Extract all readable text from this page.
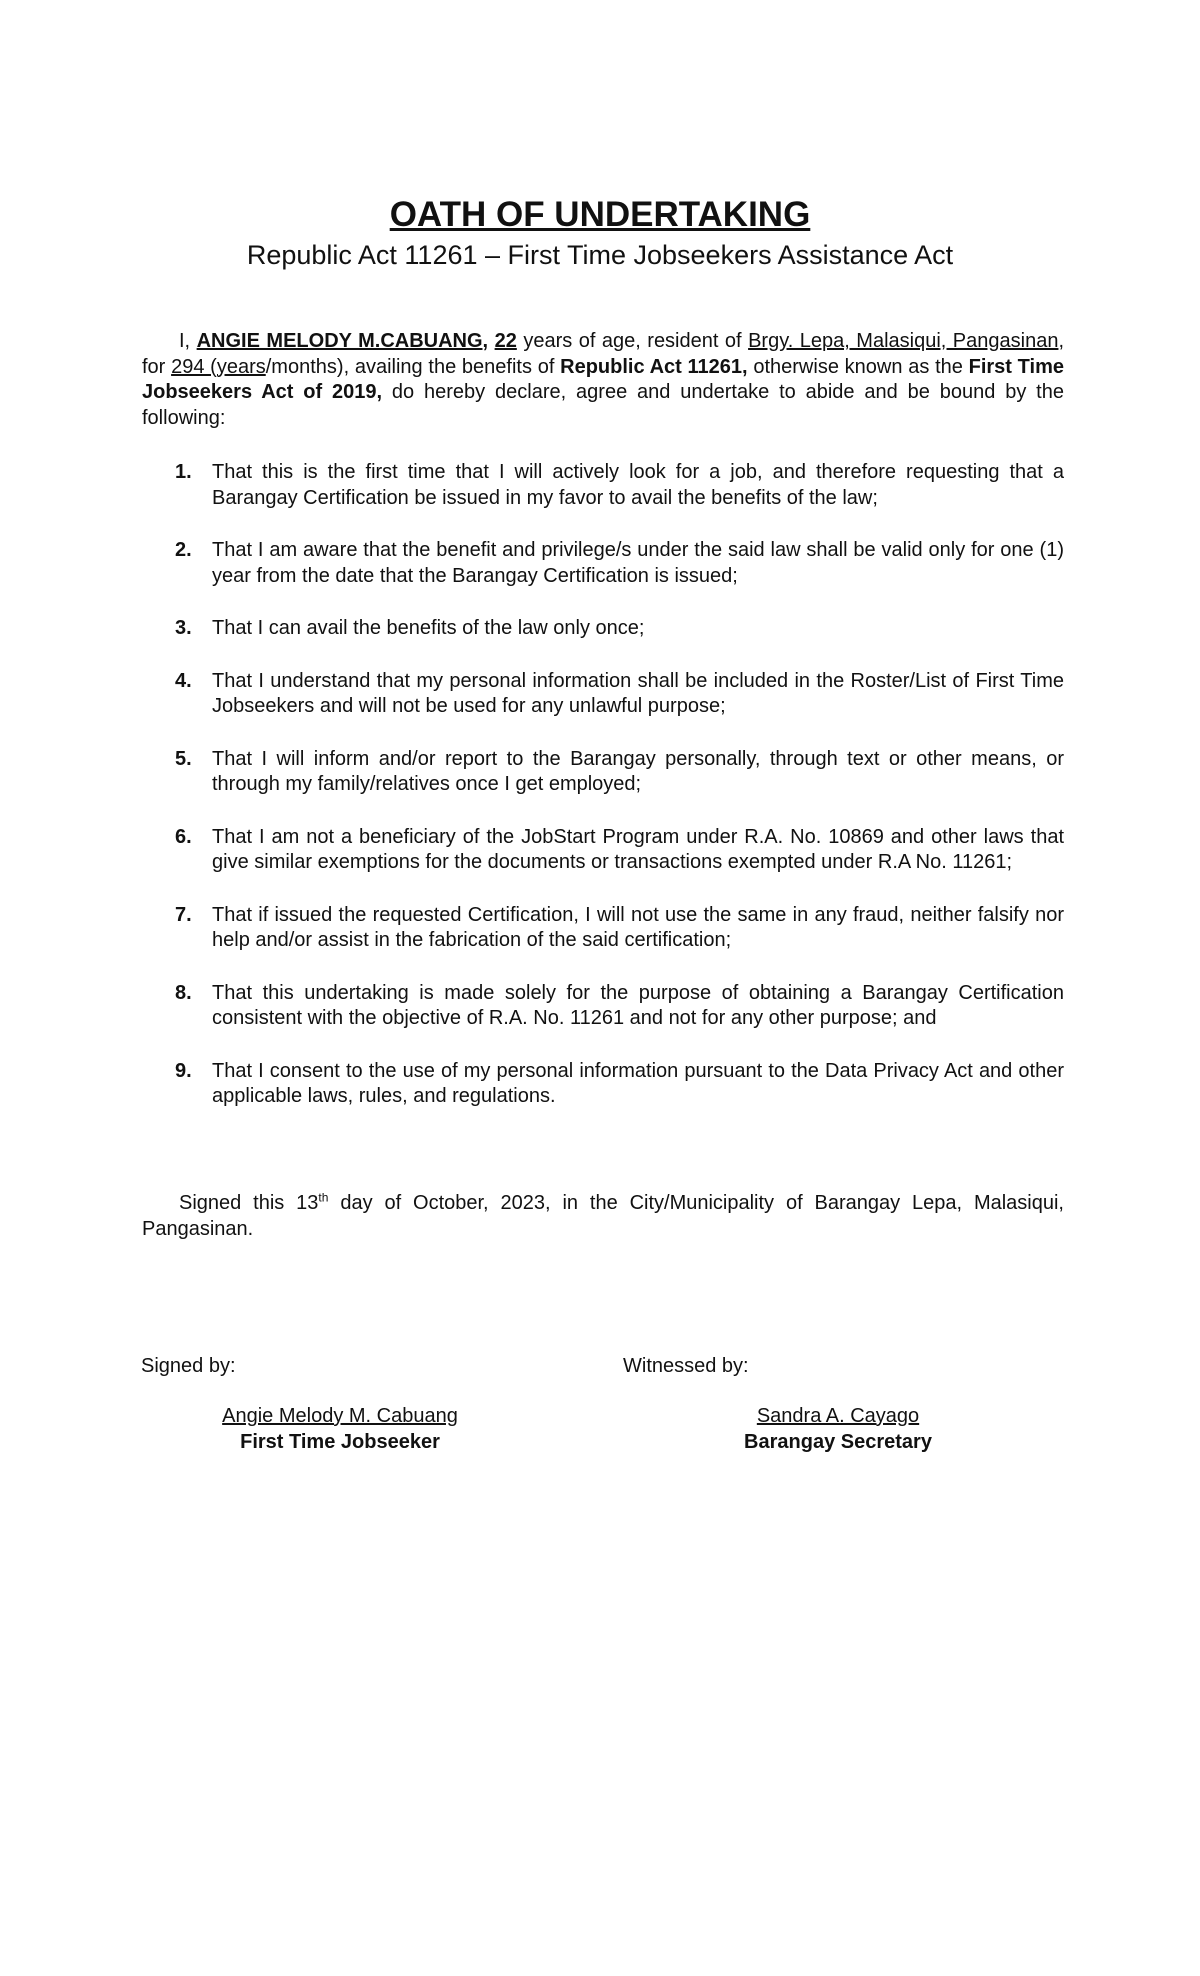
OATH OF UNDERTAKING

Republic Act 11261 – First Time Jobseekers Assistance Act

I, ANGIE MELODY M.CABUANG, 22 years of age, resident of Brgy. Lepa, Malasiqui, Pangasinan, for 294 (years/months), availing the benefits of Republic Act 11261, otherwise known as the First Time Jobseekers Act of 2019, do hereby declare, agree and undertake to abide and be bound by the following:

1. That this is the first time that I will actively look for a job, and therefore requesting that a Barangay Certification be issued in my favor to avail the benefits of the law;
2. That I am aware that the benefit and privilege/s under the said law shall be valid only for one (1) year from the date that the Barangay Certification is issued;
3. That I can avail the benefits of the law only once;
4. That I understand that my personal information shall be included in the Roster/List of First Time Jobseekers and will not be used for any unlawful purpose;
5. That I will inform and/or report to the Barangay personally, through text or other means, or through my family/relatives once I get employed;
6. That I am not a beneficiary of the JobStart Program under R.A. No. 10869 and other laws that give similar exemptions for the documents or transactions exempted under R.A No. 11261;
7. That if issued the requested Certification, I will not use the same in any fraud, neither falsify nor help and/or assist in the fabrication of the said certification;
8. That this undertaking is made solely for the purpose of obtaining a Barangay Certification consistent with the objective of R.A. No. 11261 and not for any other purpose; and
9. That I consent to the use of my personal information pursuant to the Data Privacy Act and other applicable laws, rules, and regulations.

Signed this 13th day of October, 2023, in the City/Municipality of Barangay Lepa, Malasiqui, Pangasinan.

Signed by:	Witnessed by:
Angie Melody M. Cabuang
First Time Jobseeker
Sandra A. Cayago
Barangay Secretary
